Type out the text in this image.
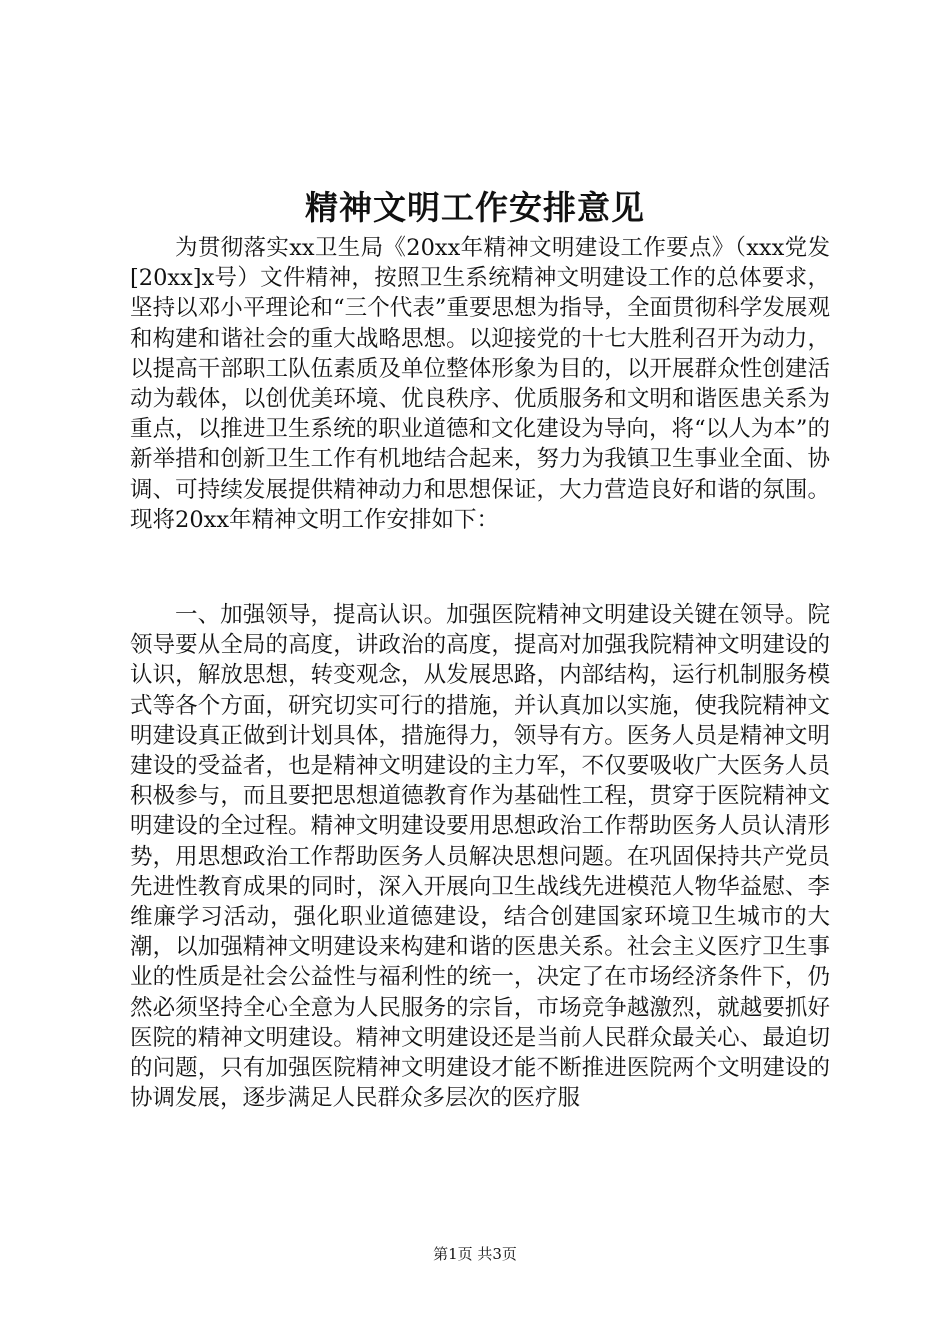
精神文明工作安排意见

为贯彻落实xx卫生局《20xx年精神文明建设工作要点》（xxx党发[20xx]x号）文件精神，按照卫生系统精神文明建设工作的总体要求，坚持以邓小平理论和“三个代表”重要思想为指导，全面贯彻科学发展观和构建和谐社会的重大战略思想。以迎接党的十七大胜利召开为动力，以提高干部职工队伍素质及单位整体形象为目的，以开展群众性创建活动为载体，以创优美环境、优良秩序、优质服务和文明和谐医患关系为重点，以推进卫生系统的职业道德和文化建设为导向，将“以人为本”的新举措和创新卫生工作有机地结合起来，努力为我镇卫生事业全面、协调、可持续发展提供精神动力和思想保证，大力营造良好和谐的氛围。现将20xx年精神文明工作安排如下：

一、加强领导，提高认识。加强医院精神文明建设关键在领导。院领导要从全局的高度，讲政治的高度，提高对加强我院精神文明建设的认识，解放思想，转变观念，从发展思路，内部结构，运行机制服务模式等各个方面，研究切实可行的措施，并认真加以实施，使我院精神文明建设真正做到计划具体，措施得力，领导有方。医务人员是精神文明建设的受益者，也是精神文明建设的主力军，不仅要吸收广大医务人员积极参与，而且要把思想道德教育作为基础性工程，贯穿于医院精神文明建设的全过程。精神文明建设要用思想政治工作帮助医务人员认清形势，用思想政治工作帮助医务人员解决思想问题。在巩固保持共产党员先进性教育成果的同时，深入开展向卫生战线先进模范人物华益慰、李维廉学习活动，强化职业道德建设，结合创建国家环境卫生城市的大潮，以加强精神文明建设来构建和谐的医患关系。社会主义医疗卫生事业的性质是社会公益性与福利性的统一，决定了在市场经济条件下，仍然必须坚持全心全意为人民服务的宗旨，市场竞争越激烈，就越要抓好医院的精神文明建设。精神文明建设还是当前人民群众最关心、最迫切的问题，只有加强医院精神文明建设才能不断推进医院两个文明建设的协调发展，逐步满足人民群众多层次的医疗服

第1页 共3页
